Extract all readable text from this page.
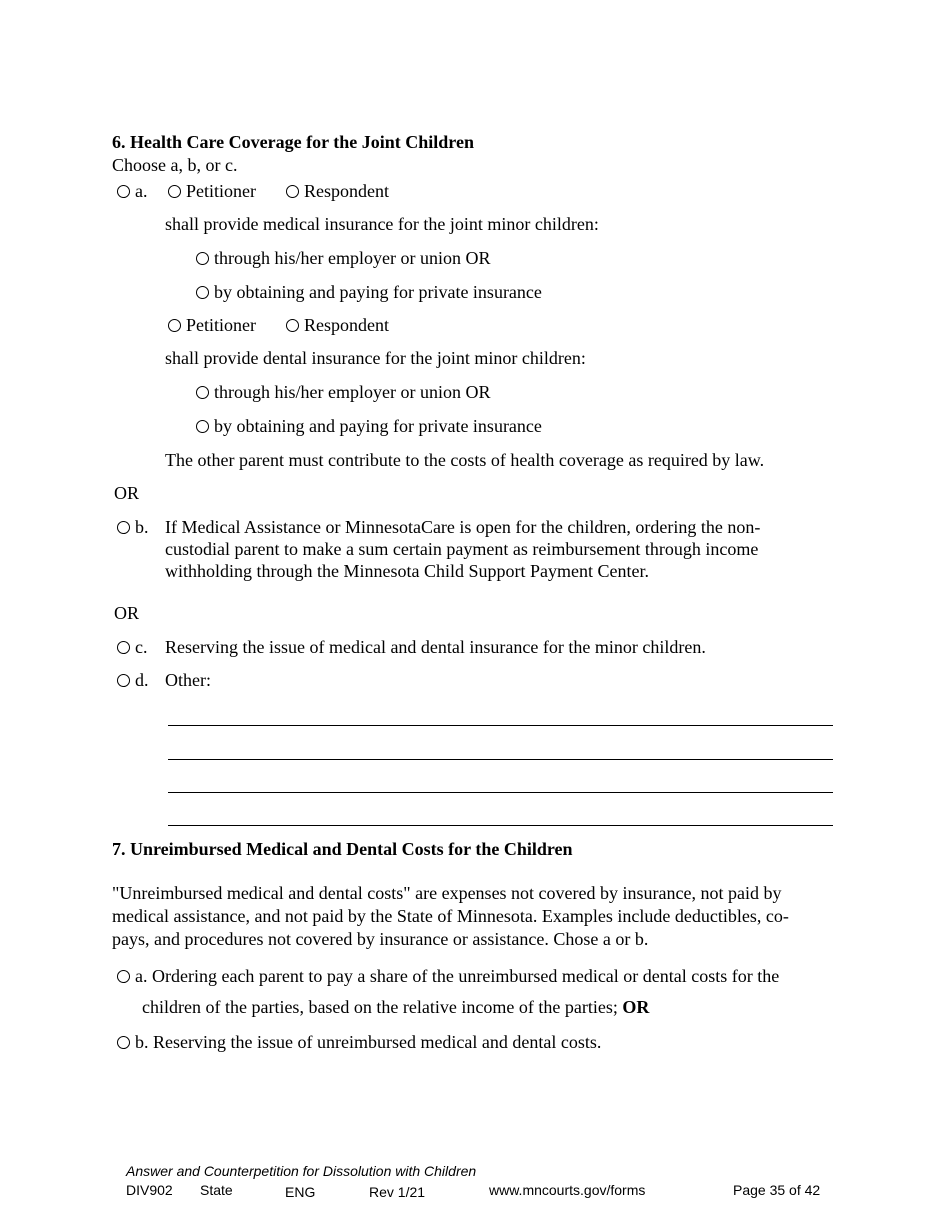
6. Health Care Coverage for the Joint Children
Choose a, b, or c.
a.	Petitioner	Respondent
shall provide medical insurance for the joint minor children:
through his/her employer or union OR
by obtaining and paying for private insurance
Petitioner	Respondent
shall provide dental insurance for the joint minor children:
through his/her employer or union OR
by obtaining and paying for private insurance
The other parent must contribute to the costs of health coverage as required by law.
OR
b. If Medical Assistance or MinnesotaCare is open for the children, ordering the non-custodial parent to make a sum certain payment as reimbursement through income withholding through the Minnesota Child Support Payment Center.
OR
c. Reserving the issue of medical and dental insurance for the minor children.
d. Other:
7. Unreimbursed Medical and Dental Costs for the Children
"Unreimbursed medical and dental costs" are expenses not covered by insurance, not paid by medical assistance, and not paid by the State of Minnesota. Examples include deductibles, co-pays, and procedures not covered by insurance or assistance. Chose a or b.
a. Ordering each parent to pay a share of the unreimbursed medical or dental costs for the
children of the parties, based on the relative income of the parties; OR
b. Reserving the issue of unreimbursed medical and dental costs.
Answer and Counterpetition for Dissolution with Children
DIV902 State	ENG	Rev 1/21	www.mncourts.gov/forms	Page 35 of 42
